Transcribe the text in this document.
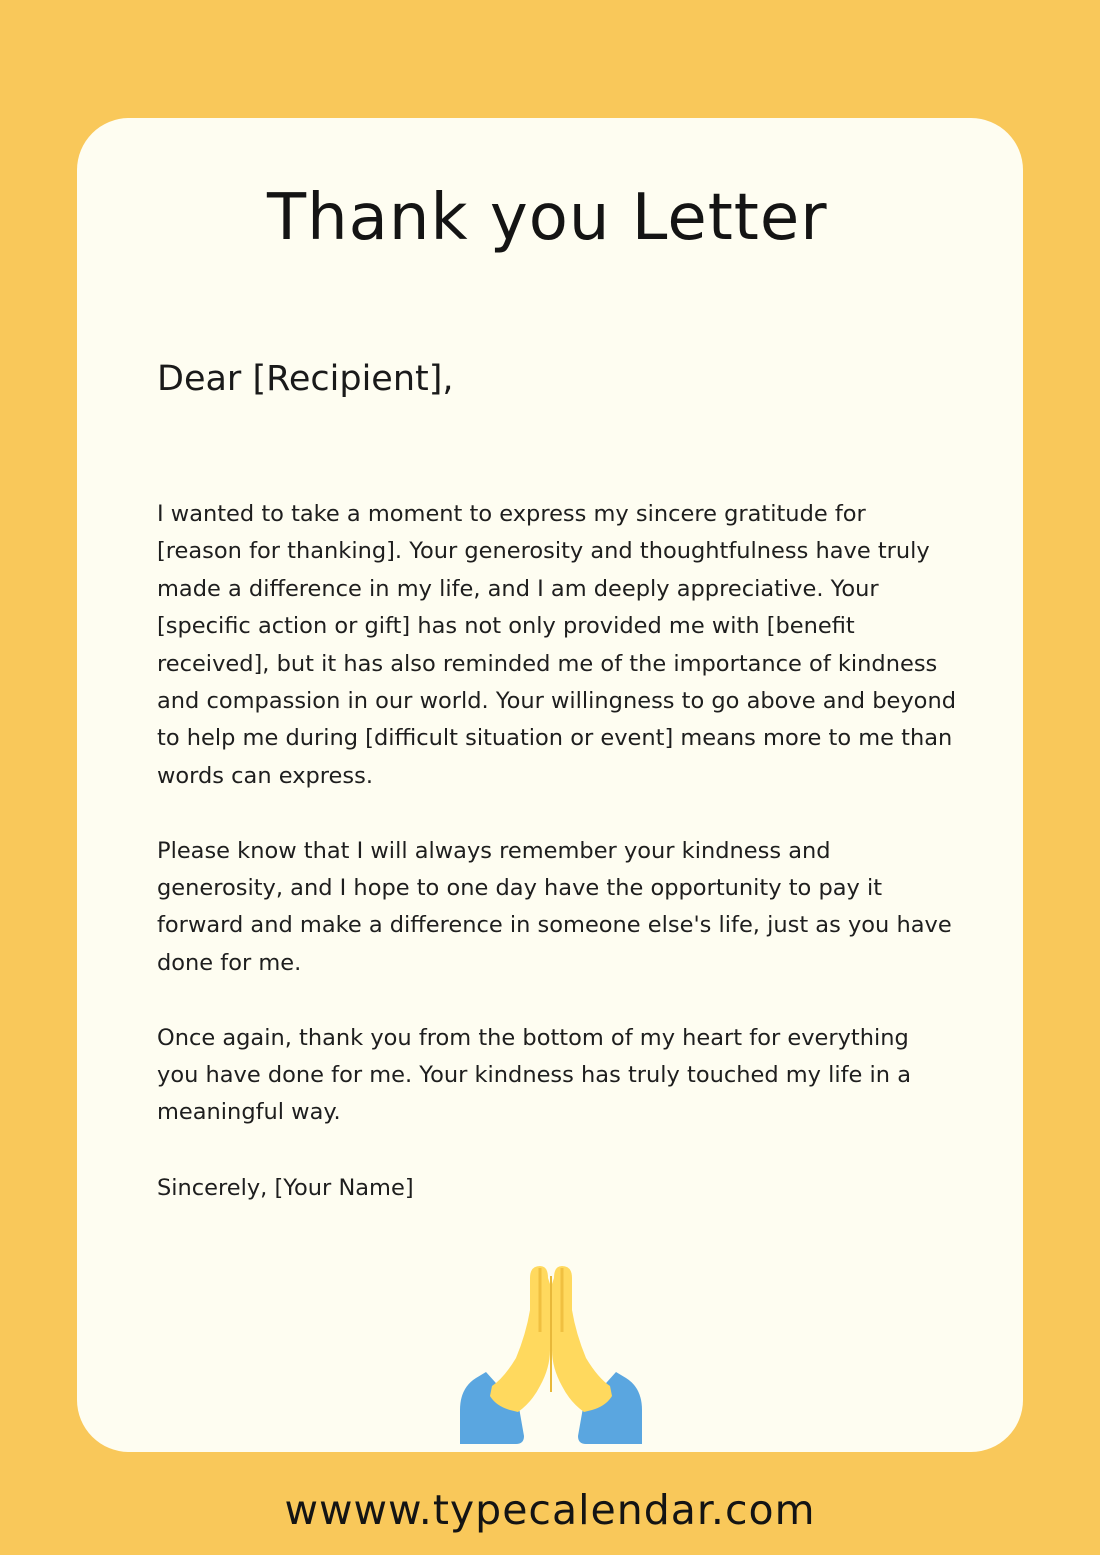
Thank you Letter
Dear [Recipient],

I wanted to take a moment to express my sincere gratitude for [reason for thanking]. Your generosity and thoughtfulness have truly made a difference in my life, and I am deeply appreciative. Your [specific action or gift] has not only provided me with [benefit received], but it has also reminded me of the importance of kindness and compassion in our world. Your willingness to go above and beyond to help me during [difficult situation or event] means more to me than words can express.

Please know that I will always remember your kindness and generosity, and I hope to one day have the opportunity to pay it forward and make a difference in someone else's life, just as you have done for me.

Once again, thank you from the bottom of my heart for everything you have done for me. Your kindness has truly touched my life in a meaningful way.

Sincerely, [Your Name]
wwww.typecalendar.com
